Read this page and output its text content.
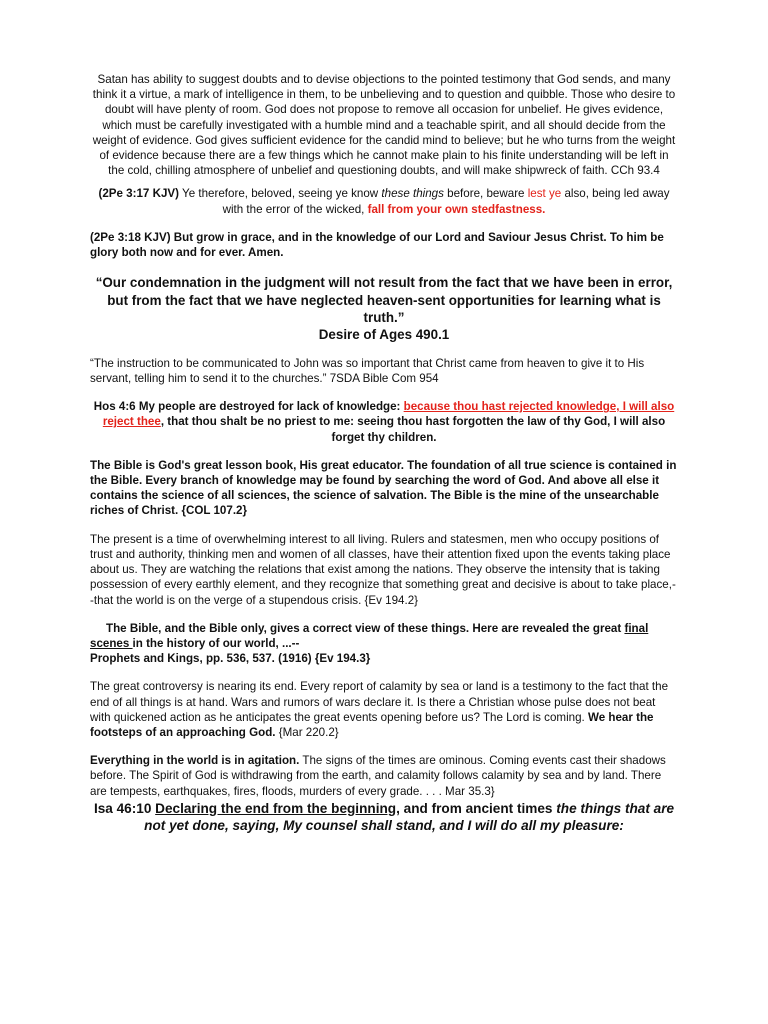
Satan has ability to suggest doubts and to devise objections to the pointed testimony that God sends, and many think it a virtue, a mark of intelligence in them, to be unbelieving and to question and quibble. Those who desire to doubt will have plenty of room. God does not propose to remove all occasion for unbelief. He gives evidence, which must be carefully investigated with a humble mind and a teachable spirit, and all should decide from the weight of evidence. God gives sufficient evidence for the candid mind to believe; but he who turns from the weight of evidence because there are a few things which he cannot make plain to his finite understanding will be left in the cold, chilling atmosphere of unbelief and questioning doubts, and will make shipwreck of faith. CCh 93.4

(2Pe 3:17 KJV) Ye therefore, beloved, seeing ye know these things before, beware lest ye also, being led away with the error of the wicked, fall from your own stedfastness.

(2Pe 3:18 KJV) But grow in grace, and in the knowledge of our Lord and Saviour Jesus Christ. To him be glory both now and for ever. Amen.

“Our condemnation in the judgment will not result from the fact that we have been in error, but from the fact that we have neglected heaven-sent opportunities for learning what is truth.”
Desire of Ages 490.1

“The instruction to be communicated to John was so important that Christ came from heaven to give it to His servant, telling him to send it to the churches.” 7SDA Bible Com 954

Hos 4:6 My people are destroyed for lack of knowledge: because thou hast rejected knowledge, I will also reject thee, that thou shalt be no priest to me: seeing thou hast forgotten the law of thy God, I will also forget thy children.

The Bible is God's great lesson book, His great educator. The foundation of all true science is contained in the Bible. Every branch of knowledge may be found by searching the word of God. And above all else it contains the science of all sciences, the science of salvation. The Bible is the mine of the unsearchable riches of Christ. {COL 107.2}

The present is a time of overwhelming interest to all living. Rulers and statesmen, men who occupy positions of trust and authority, thinking men and women of all classes, have their attention fixed upon the events taking place about us. They are watching the relations that exist among the nations. They observe the intensity that is taking possession of every earthly element, and they recognize that something great and decisive is about to take place,--that the world is on the verge of a stupendous crisis. {Ev 194.2}

The Bible, and the Bible only, gives a correct view of these things. Here are revealed the great final scenes in the history of our world, ...--
Prophets and Kings, pp. 536, 537. (1916) {Ev 194.3}

The great controversy is nearing its end. Every report of calamity by sea or land is a testimony to the fact that the end of all things is at hand. Wars and rumors of wars declare it. Is there a Christian whose pulse does not beat with quickened action as he anticipates the great events opening before us? The Lord is coming. We hear the footsteps of an approaching God. {Mar 220.2}

Everything in the world is in agitation. The signs of the times are ominous. Coming events cast their shadows before. The Spirit of God is withdrawing from the earth, and calamity follows calamity by sea and by land. There are tempests, earthquakes, fires, floods, murders of every grade. . . . Mar 35.3}

Isa 46:10 Declaring the end from the beginning, and from ancient times the things that are not yet done, saying, My counsel shall stand, and I will do all my pleasure:
